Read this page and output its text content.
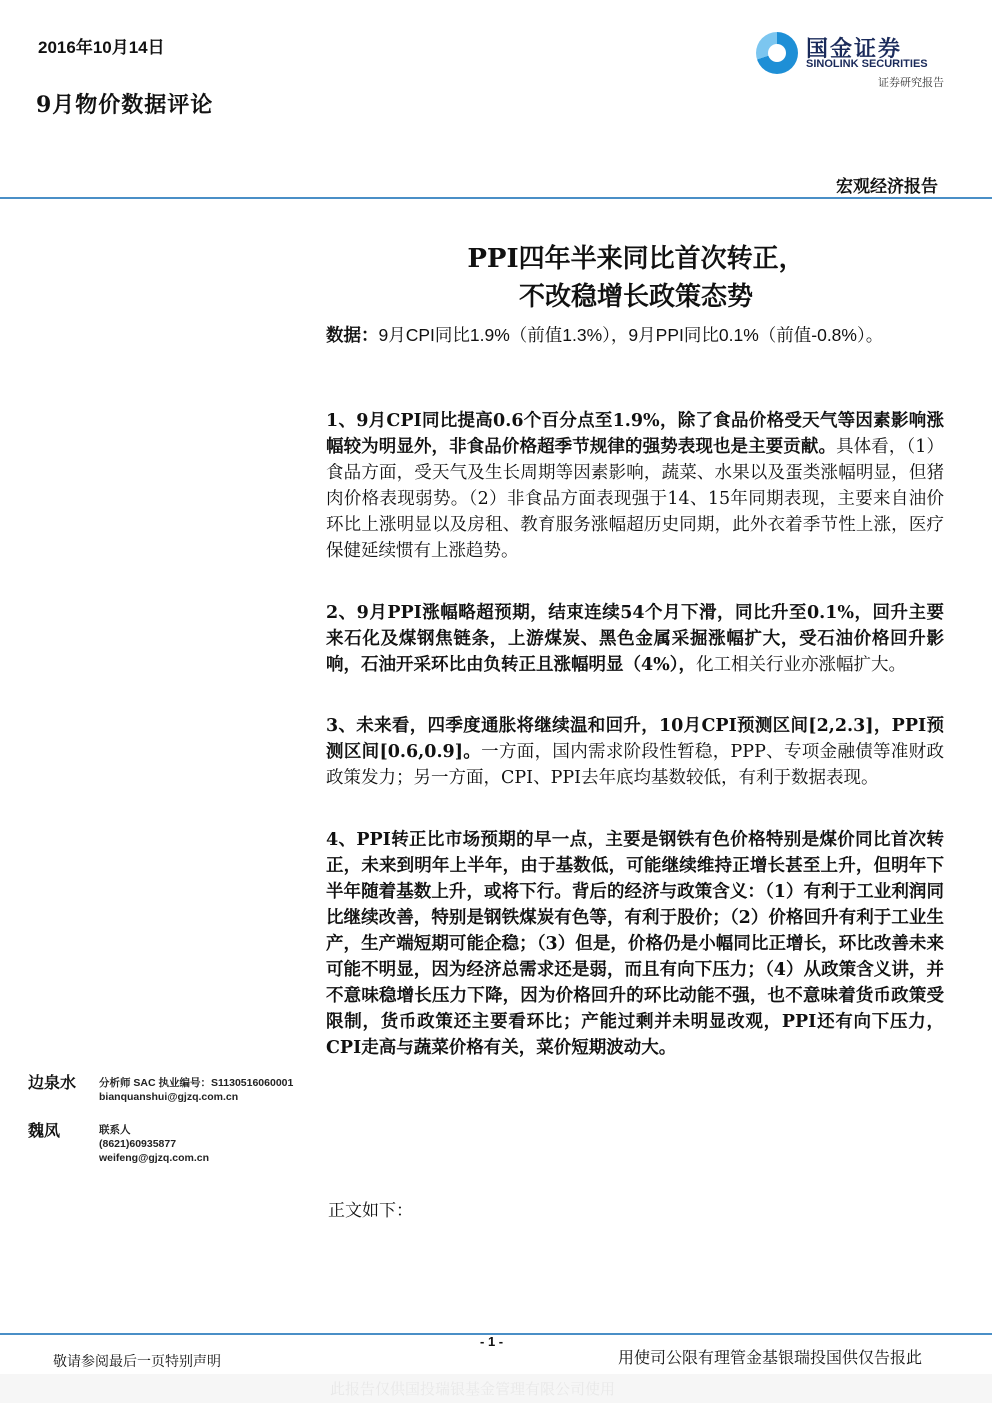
2016年10月14日
9月物价数据评论
国金证券
SINOLINK SECURITIES
证券研究报告
宏观经济报告
PPI四年半来同比首次转正，
不改稳增长政策态势
数据：9月CPI同比1.9%（前值1.3%），9月PPI同比0.1%（前值-0.8%）。
1、9月CPI同比提高0.6个百分点至1.9%，除了食品价格受天气等因素影响涨幅较为明显外，非食品价格超季节规律的强势表现也是主要贡献。具体看，（1）食品方面，受天气及生长周期等因素影响，蔬菜、水果以及蛋类涨幅明显，但猪肉价格表现弱势。（2）非食品方面表现强于14、15年同期表现，主要来自油价环比上涨明显以及房租、教育服务涨幅超历史同期，此外衣着季节性上涨，医疗保健延续惯有上涨趋势。
2、9月PPI涨幅略超预期，结束连续54个月下滑，同比升至0.1%，回升主要来石化及煤钢焦链条，上游煤炭、黑色金属采掘涨幅扩大，受石油价格回升影响，石油开采环比由负转正且涨幅明显（4%），化工相关行业亦涨幅扩大。
3、未来看，四季度通胀将继续温和回升，10月CPI预测区间[2,2.3]，PPI预测区间[0.6,0.9]。一方面，国内需求阶段性暂稳，PPP、专项金融债等准财政政策发力；另一方面，CPI、PPI去年底均基数较低，有利于数据表现。
4、PPI转正比市场预期的早一点，主要是钢铁有色价格特别是煤价同比首次转正，未来到明年上半年，由于基数低，可能继续维持正增长甚至上升，但明年下半年随着基数上升，或将下行。背后的经济与政策含义：（1）有利于工业利润同比继续改善，特别是钢铁煤炭有色等，有利于股价；（2）价格回升有利于工业生产，生产端短期可能企稳；（3）但是，价格仍是小幅同比正增长，环比改善未来可能不明显，因为经济总需求还是弱，而且有向下压力；（4）从政策含义讲，并不意味稳增长压力下降，因为价格回升的环比动能不强，也不意味着货币政策受限制，货币政策还主要看环比；产能过剩并未明显改观，PPI还有向下压力，CPI走高与蔬菜价格有关，菜价短期波动大。
边泉水 分析师 SAC 执业编号：S1130516060001
bianquanshui@gjzq.com.cn
魏凤	联系人
(8621)60935877
weifeng@gjzq.com.cn
正文如下：
- 1 -
敬请参阅最后一页特别声明	用使司公限有理管金基银瑞投国供仅告报此
此报告仅供国投瑞银基金管理有限公司使用
